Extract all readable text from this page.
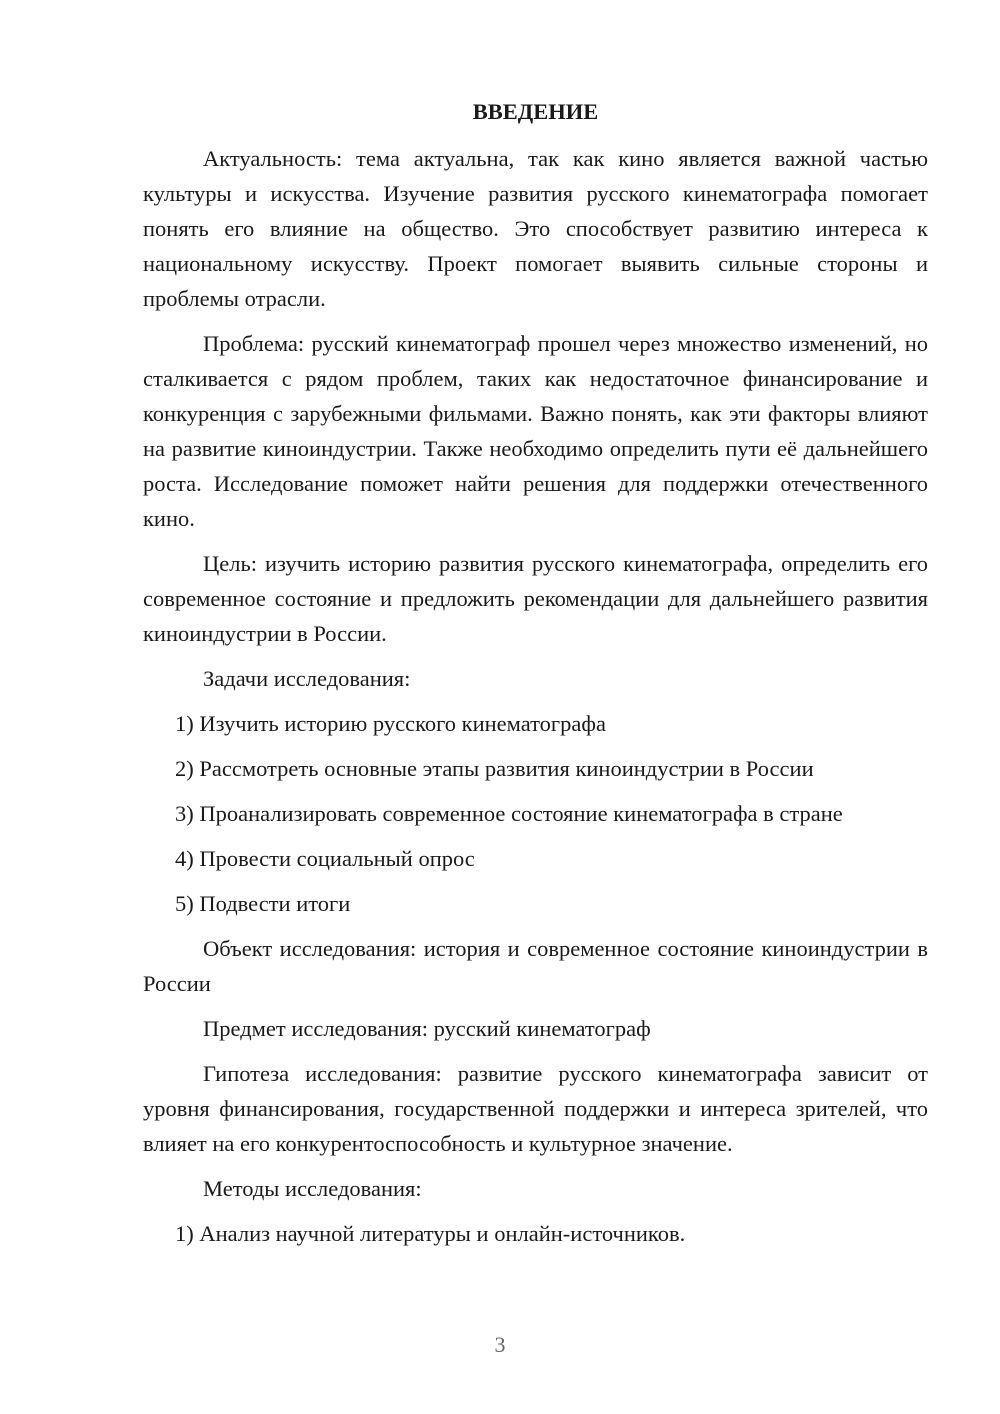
ВВЕДЕНИЕ

Актуальность: тема актуальна, так как кино является важной частью культуры и искусства. Изучение развития русского кинематографа помогает понять его влияние на общество. Это способствует развитию интереса к национальному искусству. Проект помогает выявить сильные стороны и проблемы отрасли.

Проблема: русский кинематограф прошел через множество изменений, но сталкивается с рядом проблем, таких как недостаточное финансирование и конкуренция с зарубежными фильмами. Важно понять, как эти факторы влияют на развитие киноиндустрии. Также необходимо определить пути её дальнейшего роста. Исследование поможет найти решения для поддержки отечественного кино.

Цель: изучить историю развития русского кинематографа, определить его современное состояние и предложить рекомендации для дальнейшего развития киноиндустрии в России.

Задачи исследования:
1) Изучить историю русского кинематографа
2) Рассмотреть основные этапы развития киноиндустрии в России
3) Проанализировать современное состояние кинематографа в стране
4) Провести социальный опрос
5) Подвести итоги

Объект исследования: история и современное состояние киноиндустрии в России

Предмет исследования: русский кинематограф

Гипотеза исследования: развитие русского кинематографа зависит от уровня финансирования, государственной поддержки и интереса зрителей, что влияет на его конкурентоспособность и культурное значение.

Методы исследования:
1) Анализ научной литературы и онлайн-источников.
3
